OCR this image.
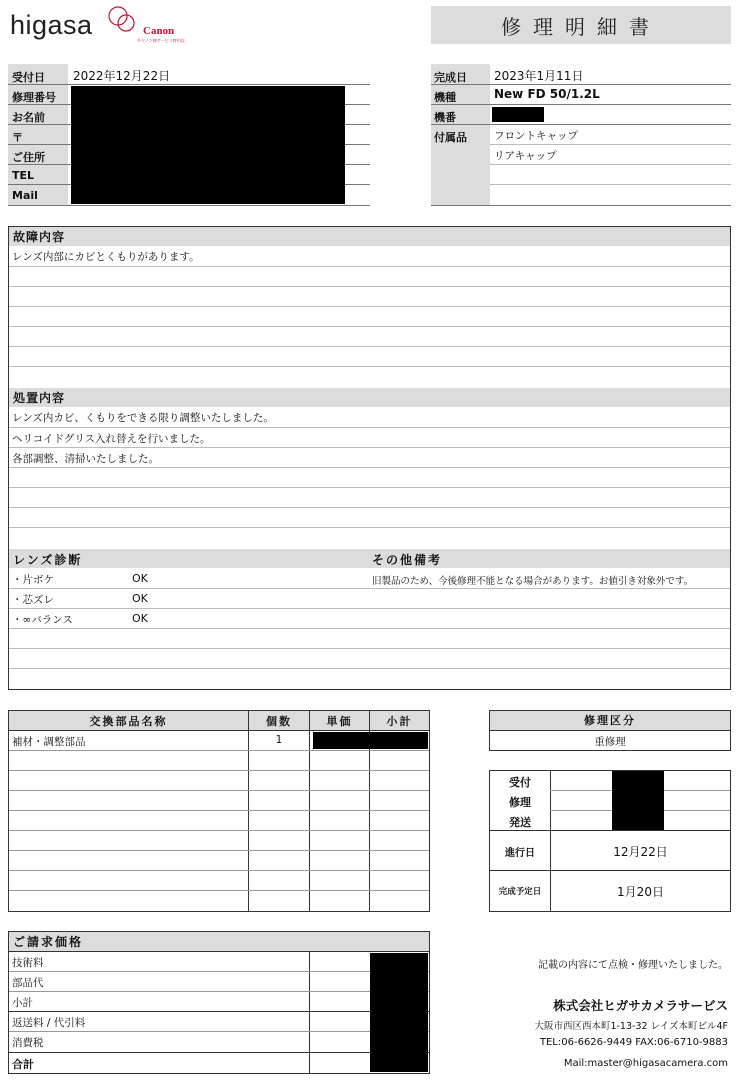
higasa	Canon
キヤノン様サービス特約店
修理明細書
受付日 2022年12月22日
修理番号
お名前
〒
ご住所
TEL
Mail
完成日 2023年1月11日
機種	New FD 50/1.2L
機番
付属品	フロントキャップ
リアキャップ
故障内容
レンズ内部にカビとくもりがあります。
処置内容
レンズ内カビ、くもりをできる限り調整いたしました。
ヘリコイドグリス入れ替えを行いました。
各部調整、清掃いたしました。
レンズ診断	その他備考
・片ボケ	OK
・芯ズレ	OK
・∞バランス	OK
旧製品のため、今後修理不能となる場合があります。お値引き対象外です。
交換部品名称	個数	単価	小計
補材・調整部品	1
修理区分
重修理
受付
修理
発送
進行日	12月22日
完成予定日	1月20日
ご請求価格
技術料
部品代
小計
返送料 / 代引料
消費税
合計
記載の内容にて点検・修理いたしました。
株式会社ヒガサカメラサービス
大阪市西区西本町1-13-32 レイズ本町ビル4F
TEL:06-6626-9449 FAX:06-6710-9883
Mail:master@higasacamera.com
